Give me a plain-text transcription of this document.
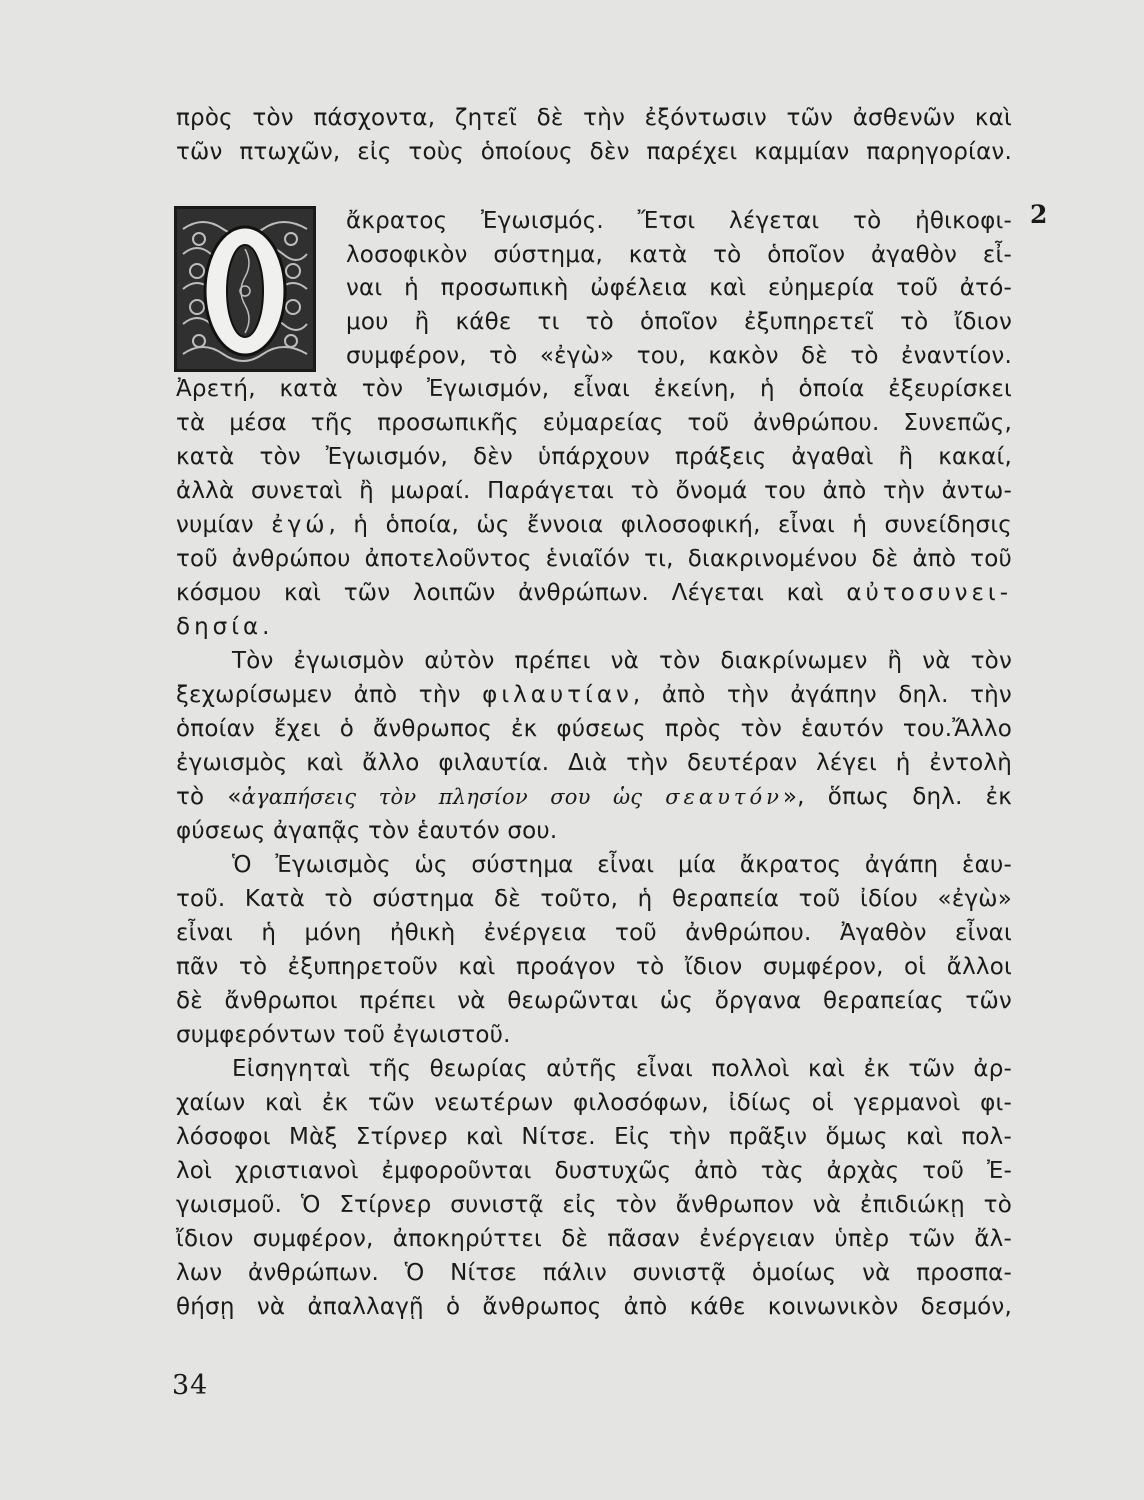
πρὸς τὸν πάσχοντα, ζητεῖ δὲ τὴν ἐξόντωσιν τῶν ἀσθενῶν καὶ
τῶν πτωχῶν, εἰς τοὺς ὁποίους δὲν παρέχει καμμίαν παρηγορίαν.
ἄκρατος Ἐγωισμός. Ἔτσι λέγεται τὸ ἠθικοφι- 2
λοσοφικὸν σύστημα, κατὰ τὸ ὁποῖον ἀγαθὸν εἶ-
ναι ἡ προσωπικὴ ὠφέλεια καὶ εὐημερία τοῦ ἀτό-
μου ἢ κάθε τι τὸ ὁποῖον ἐξυπηρετεῖ τὸ ἴδιον
συμφέρον, τὸ «ἐγὼ» του, κακὸν δὲ τὸ ἐναντίον.
Ἀρετή, κατὰ τὸν Ἐγωισμόν, εἶναι ἐκείνη, ἡ ὁποία ἐξευρίσκει
τὰ μέσα τῆς προσωπικῆς εὐμαρείας τοῦ ἀνθρώπου. Συνεπῶς,
κατὰ τὸν Ἐγωισμόν, δὲν ὑπάρχουν πράξεις ἀγαθαὶ ἢ κακαί,
ἀλλὰ συνεταὶ ἢ μωραί. Παράγεται τὸ ὄνομά του ἀπὸ τὴν ἀντω-
νυμίαν ἐγώ, ἡ ὁποία, ὡς ἔννοια φιλοσοφική, εἶναι ἡ συνείδησις
τοῦ ἀνθρώπου ἀποτελοῦντος ἑνιαῖόν τι, διακρινομένου δὲ ἀπὸ τοῦ
κόσμου καὶ τῶν λοιπῶν ἀνθρώπων. Λέγεται καὶ αὐτοσυνει-
δησία.
Τὸν ἐγωισμὸν αὐτὸν πρέπει νὰ τὸν διακρίνωμεν ἢ νὰ τὸν
ξεχωρίσωμεν ἀπὸ τὴν φιλαυτίαν, ἀπὸ τὴν ἀγάπην δηλ. τὴν
ὁποίαν ἔχει ὁ ἄνθρωπος ἐκ φύσεως πρὸς τὸν ἑαυτόν του.Ἄλλο
ἐγωισμὸς καὶ ἄλλο φιλαυτία. Διὰ τὴν δευτέραν λέγει ἡ ἐντολὴ
τὸ «ἀγαπήσεις τὸν πλησίον σου ὡς σεαυτόν», ὅπως δηλ. ἐκ
φύσεως ἀγαπᾷς τὸν ἑαυτόν σου.
Ὁ Ἐγωισμὸς ὡς σύστημα εἶναι μία ἄκρατος ἀγάπη ἑαυ-
τοῦ. Κατὰ τὸ σύστημα δὲ τοῦτο, ἡ θεραπεία τοῦ ἰδίου «ἐγὼ»
εἶναι ἡ μόνη ἠθικὴ ἐνέργεια τοῦ ἀνθρώπου. Ἀγαθὸν εἶναι
πᾶν τὸ ἐξυπηρετοῦν καὶ προάγον τὸ ἴδιον συμφέρον, οἱ ἄλλοι
δὲ ἄνθρωποι πρέπει νὰ θεωρῶνται ὡς ὄργανα θεραπείας τῶν
συμφερόντων τοῦ ἐγωιστοῦ.
Εἰσηγηταὶ τῆς θεωρίας αὐτῆς εἶναι πολλοὶ καὶ ἐκ τῶν ἀρ-
χαίων καὶ ἐκ τῶν νεωτέρων φιλοσόφων, ἰδίως οἱ γερμανοὶ φι-
λόσοφοι Μὰξ Στίρνερ καὶ Νίτσε. Εἰς τὴν πρᾶξιν ὅμως καὶ πολ-
λοὶ χριστιανοὶ ἐμφοροῦνται δυστυχῶς ἀπὸ τὰς ἀρχὰς τοῦ Ἐ-
γωισμοῦ. Ὁ Στίρνερ συνιστᾷ εἰς τὸν ἄνθρωπον νὰ ἐπιδιώκῃ τὸ
ἴδιον συμφέρον, ἀποκηρύττει δὲ πᾶσαν ἐνέργειαν ὑπὲρ τῶν ἄλ-
λων ἀνθρώπων. Ὁ Νίτσε πάλιν συνιστᾷ ὁμοίως νὰ προσπα-
θήσῃ νὰ ἀπαλλαγῇ ὁ ἄνθρωπος ἀπὸ κάθε κοινωνικὸν δεσμόν,
34
